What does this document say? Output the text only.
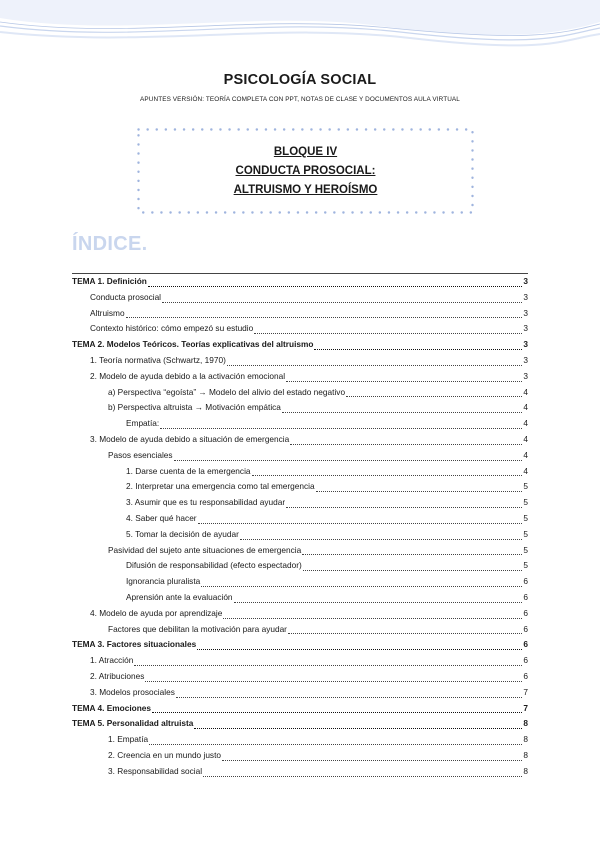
PSICOLOGÍA SOCIAL
APUNTES VERSIÓN: TEORÍA COMPLETA CON PPT, NOTAS DE CLASE Y DOCUMENTOS AULA VIRTUAL
BLOQUE IV
CONDUCTA PROSOCIAL:
ALTRUISMO Y HEROÍSMO
ÍNDICE.
TEMA 1. Definición	3
Conducta prosocial	3
Altruismo	3
Contexto histórico: cómo empezó su estudio	3
TEMA 2. Modelos Teóricos. Teorías explicativas del altruismo	3
1. Teoría normativa (Schwartz, 1970)	3
2. Modelo de ayuda debido a la activación emocional	3
a) Perspectiva “egoísta” → Modelo del alivio del estado negativo	4
b) Perspectiva altruista → Motivación empática	4
Empatía:	4
3. Modelo de ayuda debido a situación de emergencia	4
Pasos esenciales	4
1. Darse cuenta de la emergencia	4
2. Interpretar una emergencia como tal emergencia	5
3. Asumir que es tu responsabilidad ayudar	5
4. Saber qué hacer	5
5. Tomar la decisión de ayudar	5
Pasividad del sujeto ante situaciones de emergencia	5
Difusión de responsabilidad (efecto espectador)	5
Ignorancia pluralista	6
Aprensión ante la evaluación	6
4. Modelo de ayuda por aprendizaje	6
Factores que debilitan la motivación para ayudar	6
TEMA 3. Factores situacionales	6
1. Atracción	6
2. Atribuciones	6
3. Modelos prosociales	7
TEMA 4. Emociones	7
TEMA 5. Personalidad altruista	8
1. Empatía	8
2. Creencia en un mundo justo	8
3. Responsabilidad social	8
